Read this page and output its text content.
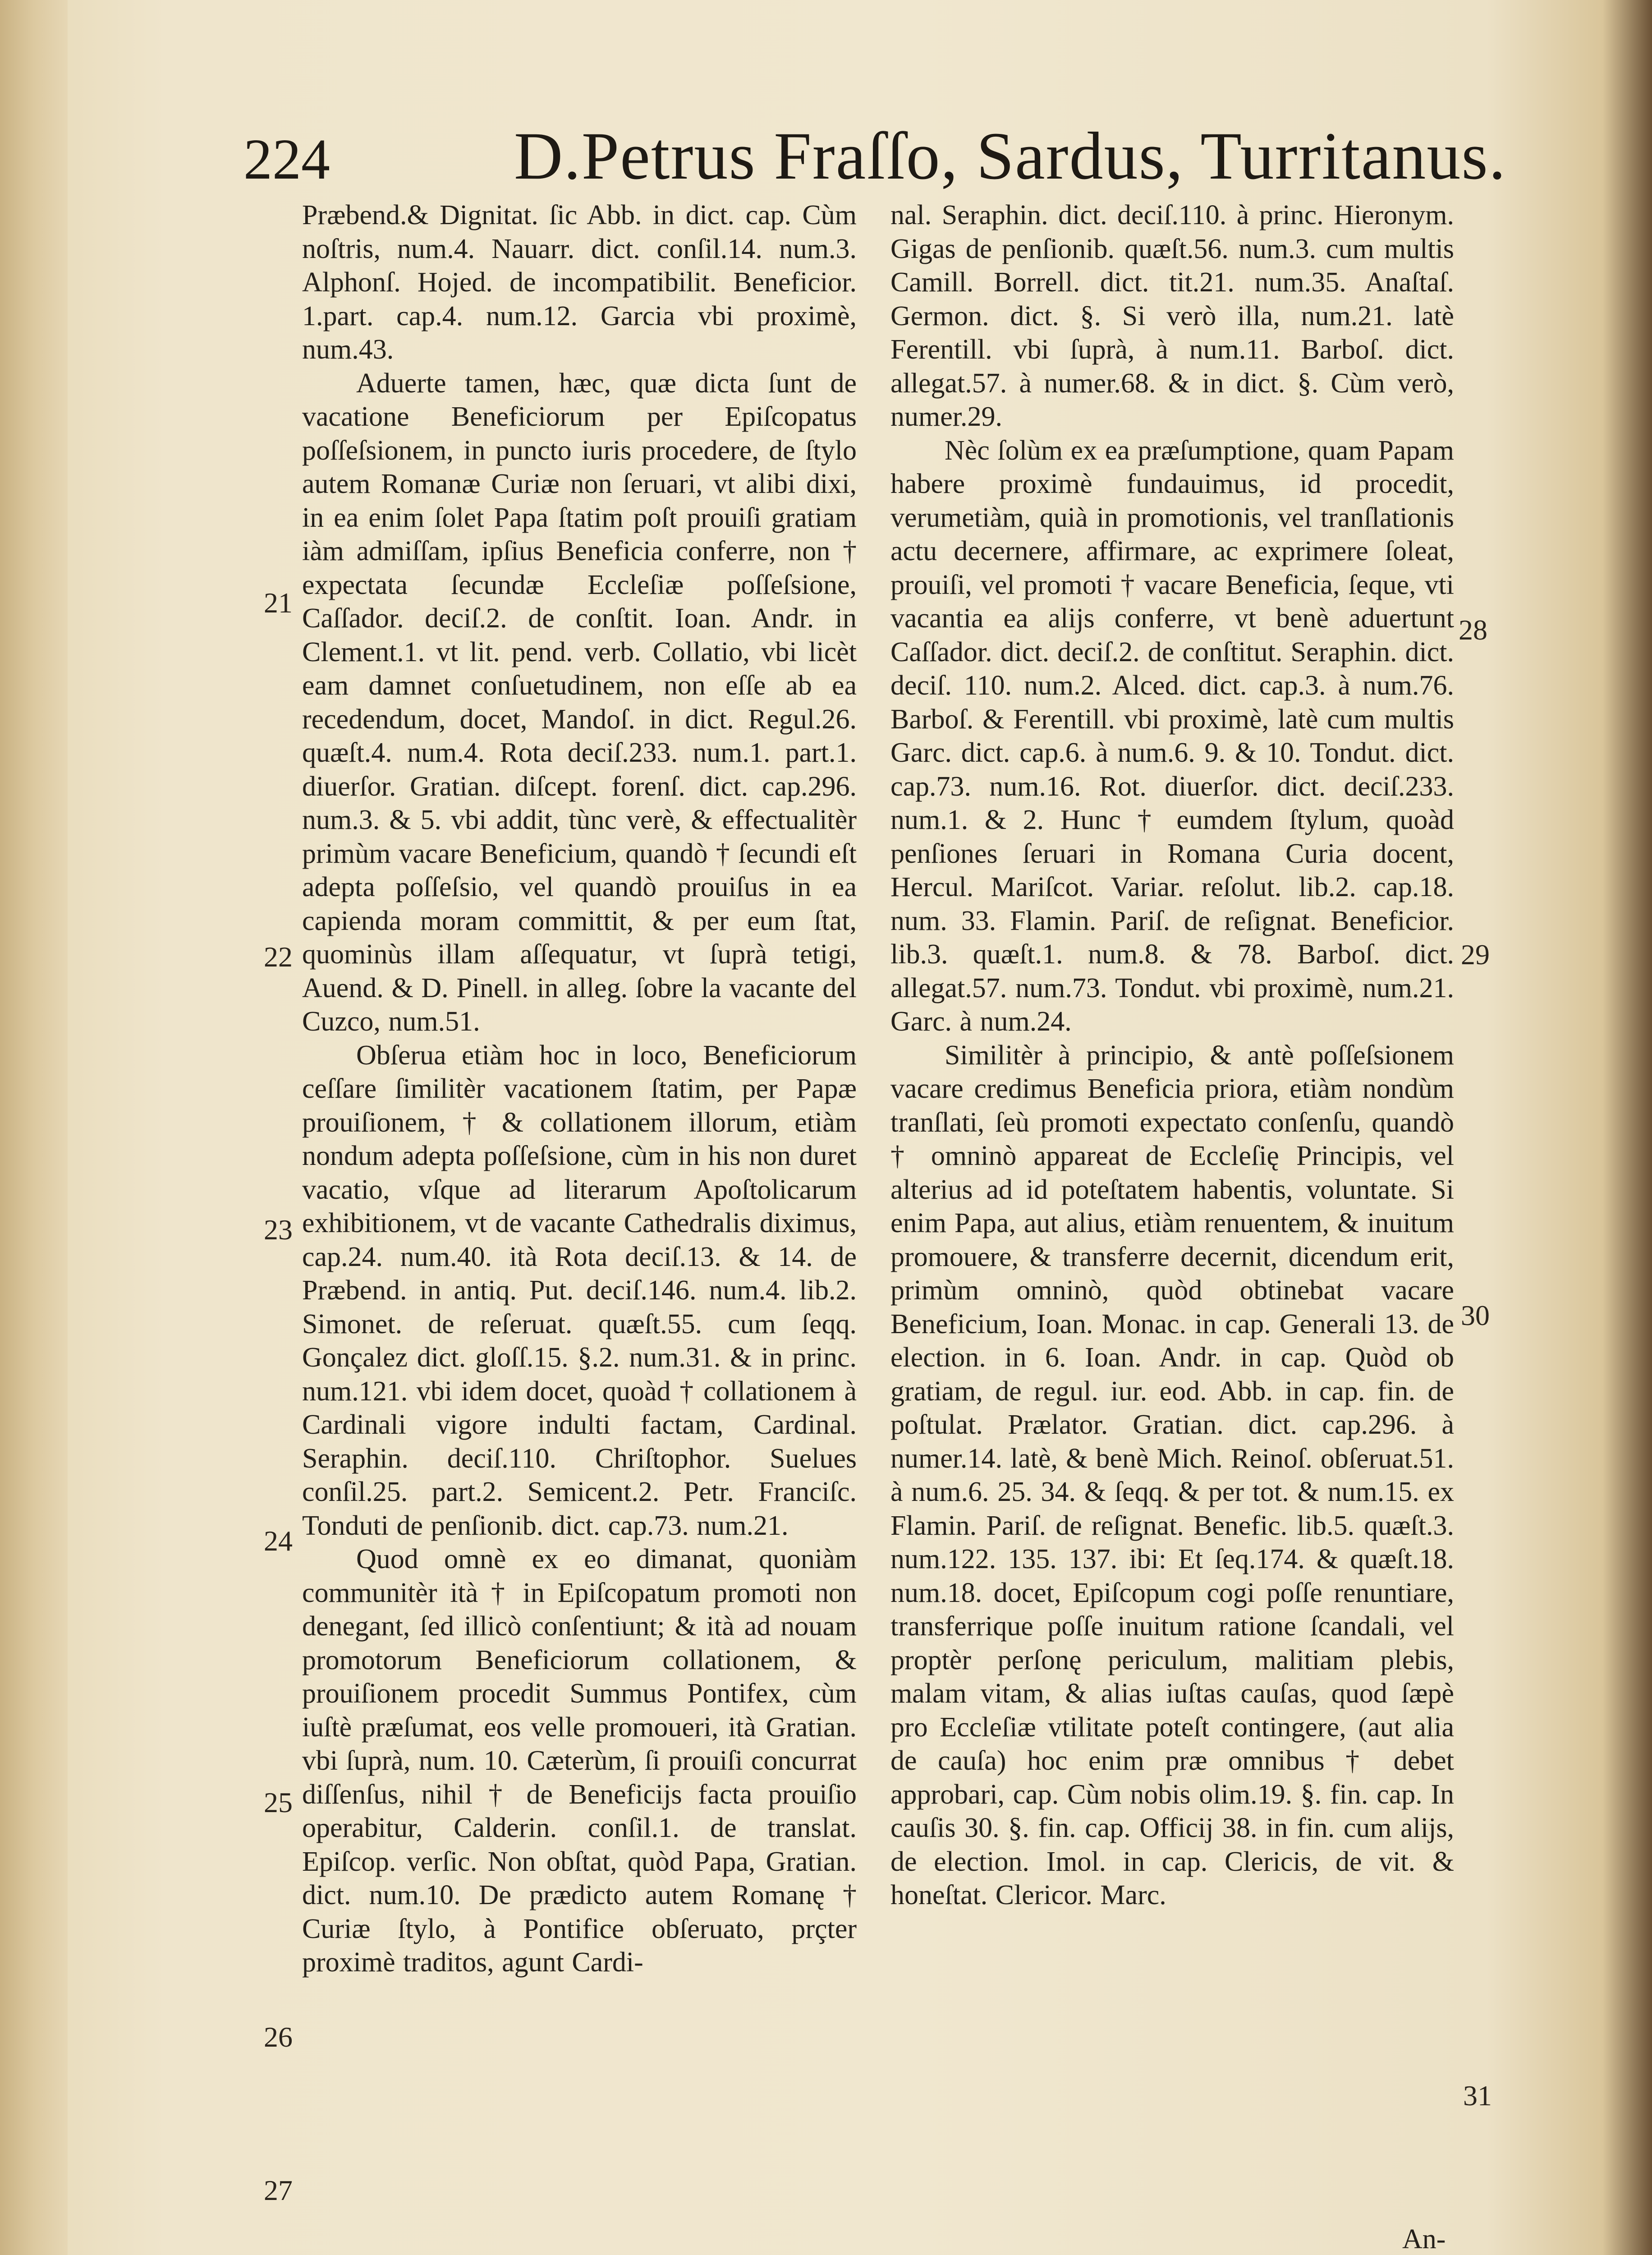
224	D.Petrus Fraſſo, Sardus, Turritanus.

Præbend.& Dignitat. ſic Abb. in dict. cap. Cùm noſtris, num.4. Nauarr. dict. conſil.14. num.3. Alphonſ. Hojed. de incompatibilit. Beneficior. 1.part. cap.4. num.12. Garcia vbi proximè, num.43.

Aduerte tamen, hæc, quæ dicta ſunt de vacatione Beneficiorum per Epiſcopatus poſſeſsionem, in puncto iuris procedere, de ſtylo autem Romanæ Curiæ non ſeruari, vt alibi dixi, in ea enim ſolet Papa ſtatim poſt prouiſi gratiam iàm admiſſam, ipſius Beneficia conferre, non † expectata ſecundæ Eccleſiæ poſſeſsione, Caſſador. deciſ.2. de conſtit. Ioan. Andr. in Clement.1. vt lit. pend. verb. Collatio, vbi licèt eam damnet conſuetudinem, non eſſe ab ea recedendum, docet, Mandoſ. in dict. Regul.26. quæſt.4. num.4. Rota deciſ.233. num.1. part.1. diuerſor. Gratian. diſcept. forenſ. dict. cap.296. num.3. & 5. vbi addit, tùnc verè, & effectualitèr primùm vacare Beneficium, quandò † ſecundi eſt adepta poſſeſsio, vel quandò prouiſus in ea capienda moram committit, & per eum ſtat, quominùs illam aſſequatur, vt ſuprà tetigi, Auend. & D. Pinell. in alleg. ſobre la vacante del Cuzco, num.51.

Obſerua etiàm hoc in loco, Beneficiorum ceſſare ſimilitèr vacationem ſtatim, per Papæ prouiſionem, † & collationem illorum, etiàm nondum adepta poſſeſsione, cùm in his non duret vacatio, vſque ad literarum Apoſtolicarum exhibitionem, vt de vacante Cathedralis diximus, cap.24. num.40. ità Rota deciſ.13. & 14. de Præbend. in antiq. Put. deciſ.146. num.4. lib.2. Simonet. de reſeruat. quæſt.55. cum ſeqq. Gonçalez dict. gloſſ.15. §.2. num.31. & in princ. num.121. vbi idem docet, quoàd † collationem à Cardinali vigore indulti factam, Cardinal. Seraphin. deciſ.110. Chriſtophor. Suelues conſil.25. part.2. Semicent.2. Petr. Franciſc. Tonduti de penſionib. dict. cap.73. num.21.

Quod omnè ex eo dimanat, quoniàm communitèr ità † in Epiſcopatum promoti non denegant, ſed illicò conſentiunt; & ità ad nouam promotorum Beneficiorum collationem, & prouiſionem procedit Summus Pontifex, cùm iuſtè præſumat, eos velle promoueri, ità Gratian. vbi ſuprà, num. 10. Cæterùm, ſi prouiſi concurrat diſſenſus, nihil † de Beneficijs facta prouiſio operabitur, Calderin. conſil.1. de translat. Epiſcop. verſic. Non obſtat, quòd Papa, Gratian. dict. num.10. De prædicto autem Romanę † Curiæ ſtylo, à Pontifice obſeruato, prçter proximè traditos, agunt Cardi-

nal. Seraphin. dict. deciſ.110. à princ. Hieronym. Gigas de penſionib. quæſt.56. num.3. cum multis Camill. Borrell. dict. tit.21. num.35. Anaſtaſ. Germon. dict. §. Si verò illa, num.21. latè Ferentill. vbi ſuprà, à num.11. Barboſ. dict. allegat.57. à numer.68. & in dict. §. Cùm verò, numer.29.

Nèc ſolùm ex ea præſumptione, quam Papam habere proximè fundauimus, id procedit, verumetiàm, quià in promotionis, vel tranſlationis actu decernere, affirmare, ac exprimere ſoleat, prouiſi, vel promoti † vacare Beneficia, ſeque, vti vacantia ea alijs conferre, vt benè aduertunt Caſſador. dict. deciſ.2. de conſtitut. Seraphin. dict. deciſ. 110. num.2. Alced. dict. cap.3. à num.76. Barboſ. & Ferentill. vbi proximè, latè cum multis Garc. dict. cap.6. à num.6. 9. & 10. Tondut. dict. cap.73. num.16. Rot. diuerſor. dict. deciſ.233. num.1. & 2. Hunc † eumdem ſtylum, quoàd penſiones ſeruari in Romana Curia docent, Hercul. Mariſcot. Variar. reſolut. lib.2. cap.18. num. 33. Flamin. Pariſ. de reſignat. Beneficior. lib.3. quæſt.1. num.8. & 78. Barboſ. dict. allegat.57. num.73. Tondut. vbi proximè, num.21. Garc. à num.24.

Similitèr à principio, & antè poſſeſsionem vacare credimus Beneficia priora, etiàm nondùm tranſlati, ſeù promoti expectato conſenſu, quandò † omninò appareat de Eccleſię Principis, vel alterius ad id poteſtatem habentis, voluntate. Si enim Papa, aut alius, etiàm renuentem, & inuitum promouere, & transferre decernit, dicendum erit, primùm omninò, quòd obtinebat vacare Beneficium, Ioan. Monac. in cap. Generali 13. de election. in 6. Ioan. Andr. in cap. Quòd ob gratiam, de regul. iur. eod. Abb. in cap. fin. de poſtulat. Prælator. Gratian. dict. cap.296. à numer.14. latè, & benè Mich. Reinoſ. obſeruat.51. à num.6. 25. 34. & ſeqq. & per tot. & num.15. ex Flamin. Pariſ. de reſignat. Benefic. lib.5. quæſt.3. num.122. 135. 137. ibi: Et ſeq.174. & quæſt.18. num.18. docet, Epiſcopum cogi poſſe renuntiare, transferrique poſſe inuitum ratione ſcandali, vel proptèr perſonę periculum, malitiam plebis, malam vitam, & alias iuſtas cauſas, quod ſæpè pro Eccleſiæ vtilitate poteſt contingere, (aut alia de cauſa) hoc enim præ omnibus † debet approbari, cap. Cùm nobis olim.19. §. fin. cap. In cauſis 30. §. fin. cap. Officij 38. in fin. cum alijs, de election. Imol. in cap. Clericis, de vit. & honeſtat. Clericor. Marc.

21
22
23
24
25
26
27
28
29
30
31
An-
